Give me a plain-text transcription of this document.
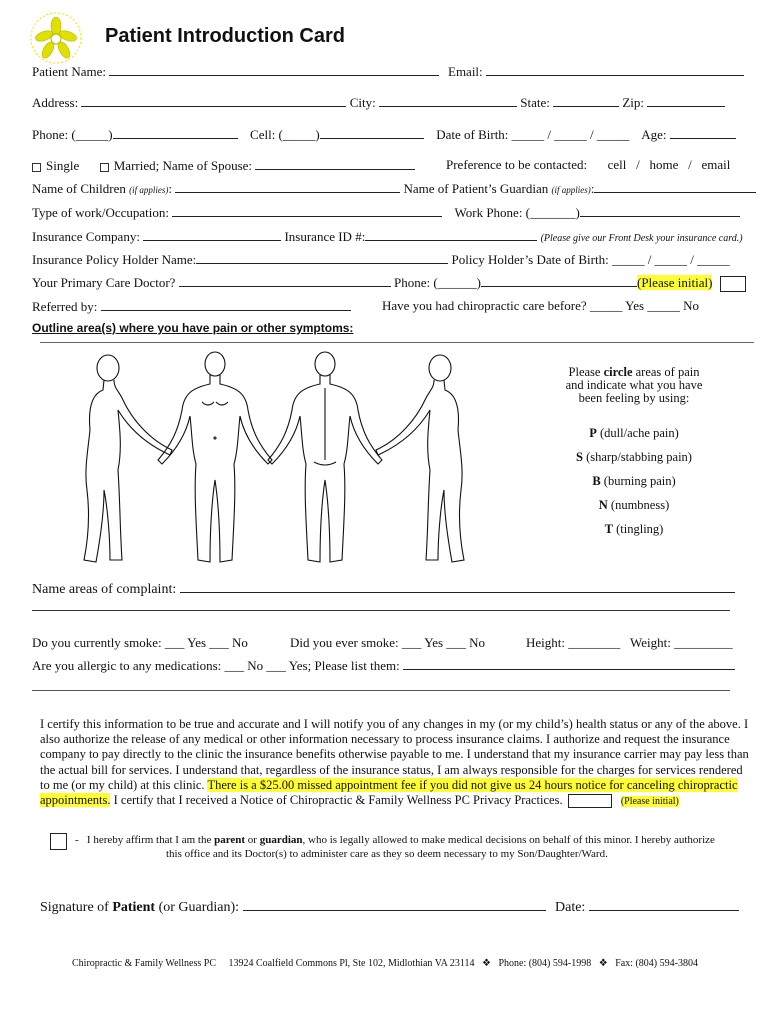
Patient Introduction Card
Patient Name:	Email:
Address:	City:	State:	Zip:
Phone: (_____)	Cell: (_____)	Date of Birth: _____ / _____ / _____ Age:
Single	Married; Name of Spouse:	Preference to be contacted: cell   /   home   /   email
Name of Children (if applies):	Name of Patient’s Guardian (if applies):
Type of work/Occupation:	Work Phone: (_______)
Insurance Company:	Insurance ID #:	(Please give our Front Desk your insurance card.)
Insurance Policy Holder Name:	Policy Holder’s Date of Birth: _____ / _____ / _____
Your Primary Care Doctor?	Phone: (______)	(Please initial)
Referred by:	Have you had chiropractic care before? _____ Yes _____ No
Outline area(s) where you have pain or other symptoms:
Please circle areas of pain and indicate what you have been feeling by using:
P (dull/ache pain)
S (sharp/stabbing pain)
B (burning pain)
N (numbness)
T (tingling)
Name areas of complaint:
Do you currently smoke: ___ Yes ___ No	Did you ever smoke: ___ Yes ___ No	Height: ________ Weight: _________
Are you allergic to any medications: ___ No ___ Yes; Please list them:
I certify this information to be true and accurate and I will notify you of any changes in my (or my child’s) health status or any of the above. I also authorize the release of any medical or other information necessary to process insurance claims. I authorize and request the insurance company to pay directly to the clinic the insurance benefits otherwise payable to me. I understand that my insurance carrier may pay less than the actual bill for services. I understand that, regardless of the insurance status, I am always responsible for the charges for services rendered to me (or my child) at this clinic. There is a $25.00 missed appointment fee if you did not give us 24 hours notice for canceling chiropractic appointments. I certify that I received a Notice of Chiropractic & Family Wellness PC Privacy Practices.	(Please initial)
-   I hereby affirm that I am the parent or guardian, who is legally allowed to make medical decisions on behalf of this minor. I hereby authorize
this office and its Doctor(s) to administer care as they so deem necessary to my Son/Daughter/Ward.
Signature of Patient (or Guardian):	Date:
Chiropractic & Family Wellness PC 13924 Coalfield Commons Pl, Ste 102, Midlothian VA 23114 ❖ Phone: (804) 594-1998 ❖ Fax: (804) 594-3804
